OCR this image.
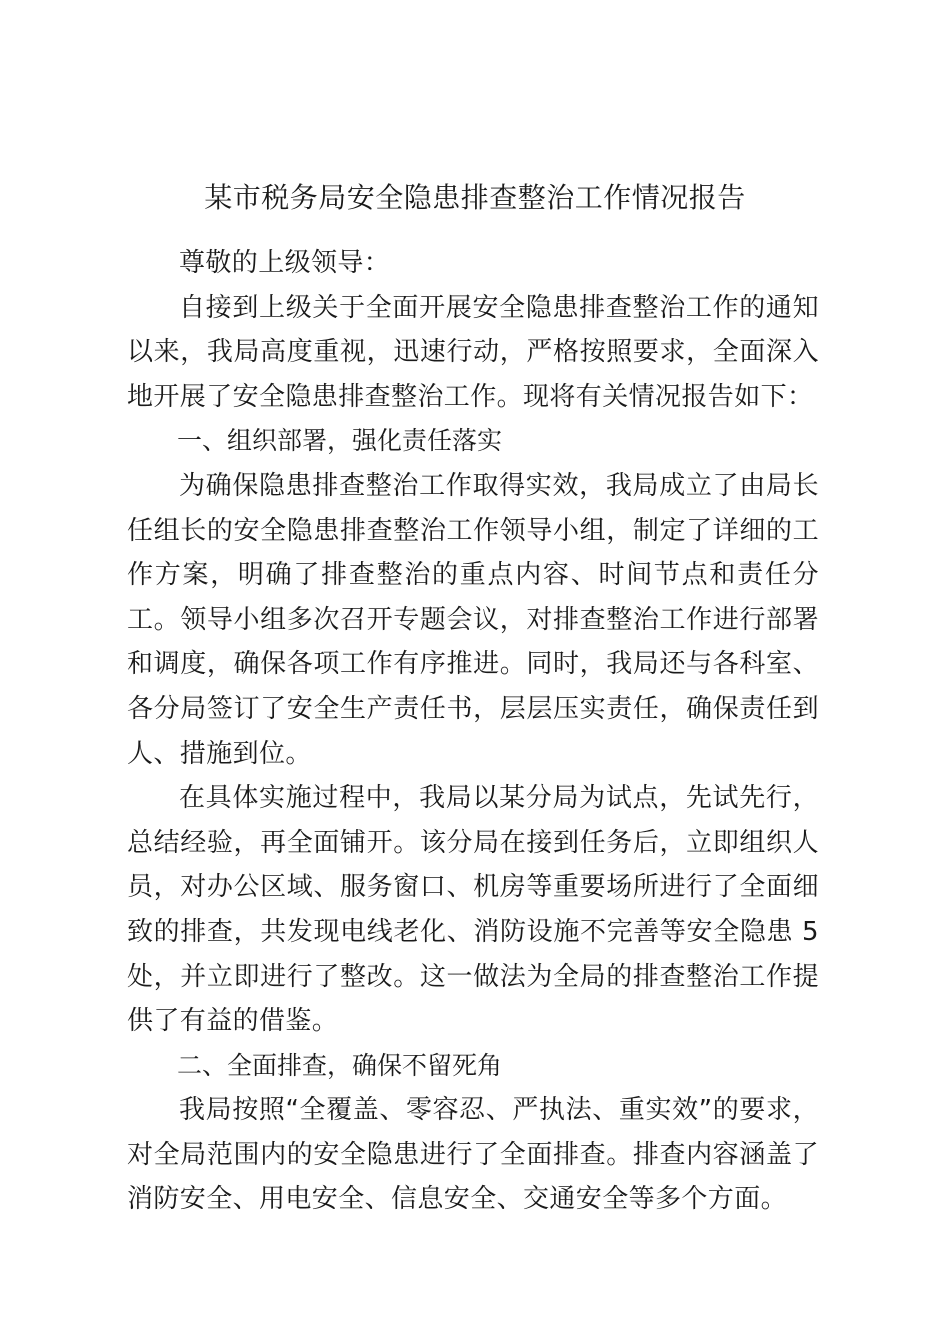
某市税务局安全隐患排查整治工作情况报告

尊敬的上级领导：

自接到上级关于全面开展安全隐患排查整治工作的通知以来，我局高度重视，迅速行动，严格按照要求，全面深入地开展了安全隐患排查整治工作。现将有关情况报告如下：

一、组织部署，强化责任落实

为确保隐患排查整治工作取得实效，我局成立了由局长任组长的安全隐患排查整治工作领导小组，制定了详细的工作方案，明确了排查整治的重点内容、时间节点和责任分工。领导小组多次召开专题会议，对排查整治工作进行部署和调度，确保各项工作有序推进。同时，我局还与各科室、各分局签订了安全生产责任书，层层压实责任，确保责任到人、措施到位。

在具体实施过程中，我局以某分局为试点，先试先行，总结经验，再全面铺开。该分局在接到任务后，立即组织人员，对办公区域、服务窗口、机房等重要场所进行了全面细致的排查，共发现电线老化、消防设施不完善等安全隐患 5 处，并立即进行了整改。这一做法为全局的排查整治工作提供了有益的借鉴。

二、全面排查，确保不留死角

我局按照“全覆盖、零容忍、严执法、重实效”的要求，对全局范围内的安全隐患进行了全面排查。排查内容涵盖了消防安全、用电安全、信息安全、交通安全等多个方面。
